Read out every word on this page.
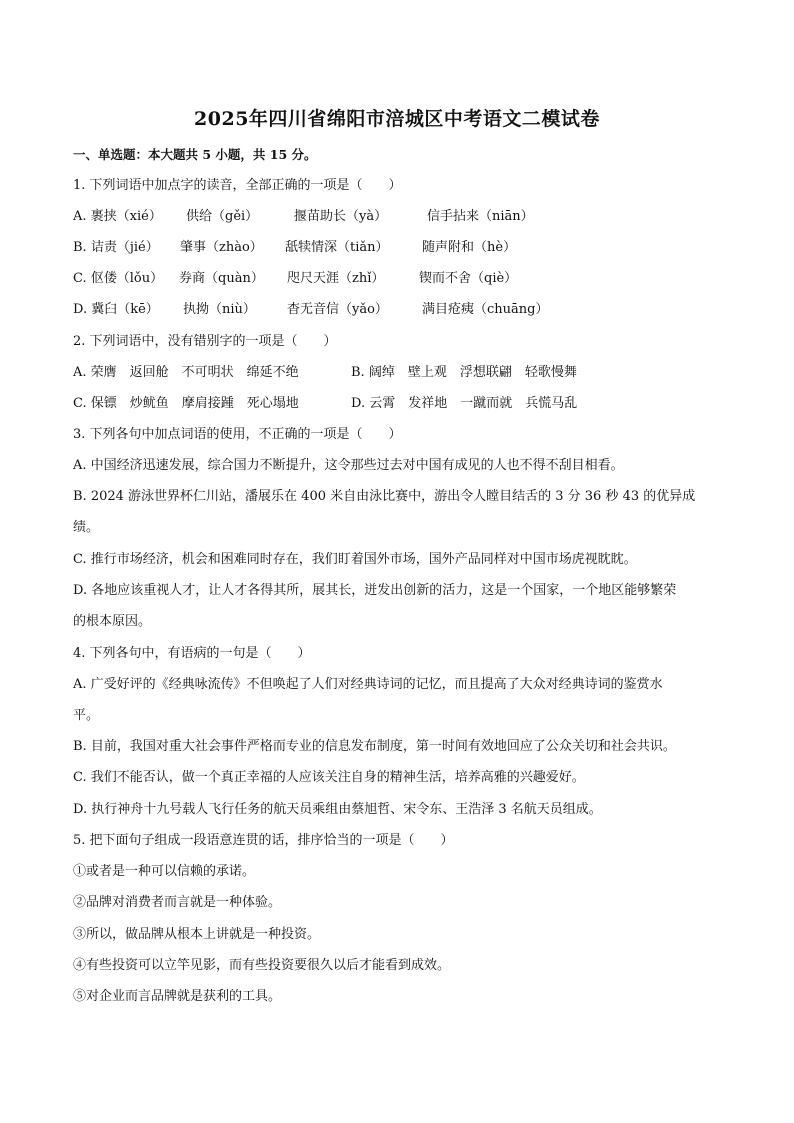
2025年四川省绵阳市涪城区中考语文二模试卷
一、单选题：本大题共 5 小题，共 15 分。
1. 下列词语中加点字的读音，全部正确的一项是（　　）
A. 裹挟（xié） 供给（gěi）	揠苗助长（yà）	信手拈来（niān）
B. 诘责（jié） 肇事（zhào） 舐犊情深（tiǎn）	随声附和（hè）
C. 伛偻（lǒu） 券商（quàn） 咫尺天涯（zhǐ）	锲而不舍（qiè）
D. 冀臼（kē） 执拗（niù） 杳无音信（yǎo）	满目疮痍（chuāng）
2. 下列词语中，没有错别字的一项是（　　）
A. 荣膺　返回舱　不可明状　绵延不绝	B. 阔绰　壁上观　浮想联翩　轻歌慢舞
C. 保镖　炒鱿鱼　摩肩接踵　死心塌地	D. 云霄　发祥地　一蹴而就　兵慌马乱
3. 下列各句中加点词语的使用，不正确的一项是（　　）
A. 中国经济迅速发展，综合国力不断提升，这令那些过去对中国有成见的人也不得不刮目相看。
B. 2024 游泳世界杯仁川站，潘展乐在 400 米自由泳比赛中，游出令人瞠目结舌的 3 分 36 秒 43 的优异成
绩。
C. 推行市场经济，机会和困难同时存在，我们盯着国外市场，国外产品同样对中国市场虎视眈眈。
D. 各地应该重视人才，让人才各得其所，展其长，迸发出创新的活力，这是一个国家，一个地区能够繁荣
的根本原因。
4. 下列各句中，有语病的一句是（　　）
A. 广受好评的《经典咏流传》不但唤起了人们对经典诗词的记忆，而且提高了大众对经典诗词的鉴赏水
平。
B. 目前，我国对重大社会事件严格而专业的信息发布制度，第一时间有效地回应了公众关切和社会共识。
C. 我们不能否认，做一个真正幸福的人应该关注自身的精神生活，培养高雅的兴趣爱好。
D. 执行神舟十九号载人飞行任务的航天员乘组由蔡旭哲、宋令东、王浩泽 3 名航天员组成。
5. 把下面句子组成一段语意连贯的话，排序恰当的一项是（　　）
①或者是一种可以信赖的承诺。
②品牌对消费者而言就是一种体验。
③所以，做品牌从根本上讲就是一种投资。
④有些投资可以立竿见影，而有些投资要很久以后才能看到成效。
⑤对企业而言品牌就是获利的工具。
